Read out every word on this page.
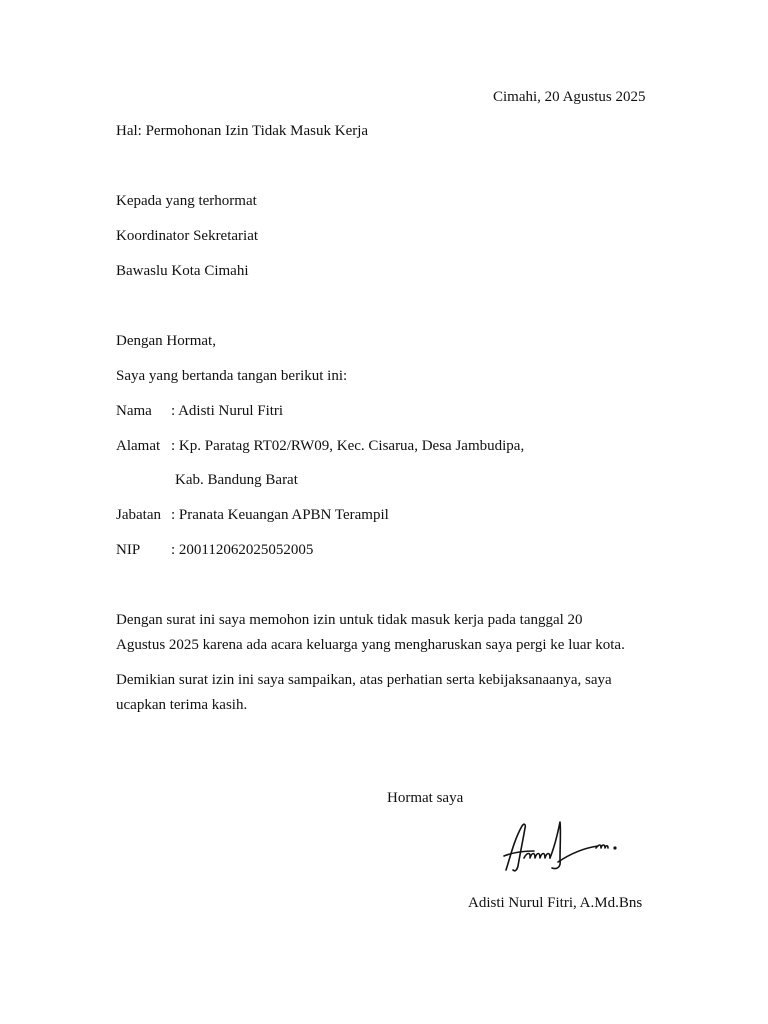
Cimahi, 20 Agustus 2025
Hal: Permohonan Izin Tidak Masuk Kerja
Kepada yang terhormat
Koordinator Sekretariat
Bawaslu Kota Cimahi
Dengan Hormat,
Saya yang bertanda tangan berikut ini:
Nama : Adisti Nurul Fitri
Alamat : Kp. Paratag RT02/RW09, Kec. Cisarua, Desa Jambudipa,
Kab. Bandung Barat
Jabatan : Pranata Keuangan APBN Terampil
NIP : 200112062025052005
Dengan surat ini saya memohon izin untuk tidak masuk kerja pada tanggal 20
Agustus 2025 karena ada acara keluarga yang mengharuskan saya pergi ke luar kota.
Demikian surat izin ini saya sampaikan, atas perhatian serta kebijaksanaanya, saya
ucapkan terima kasih.
Hormat saya
Adisti Nurul Fitri, A.Md.Bns
